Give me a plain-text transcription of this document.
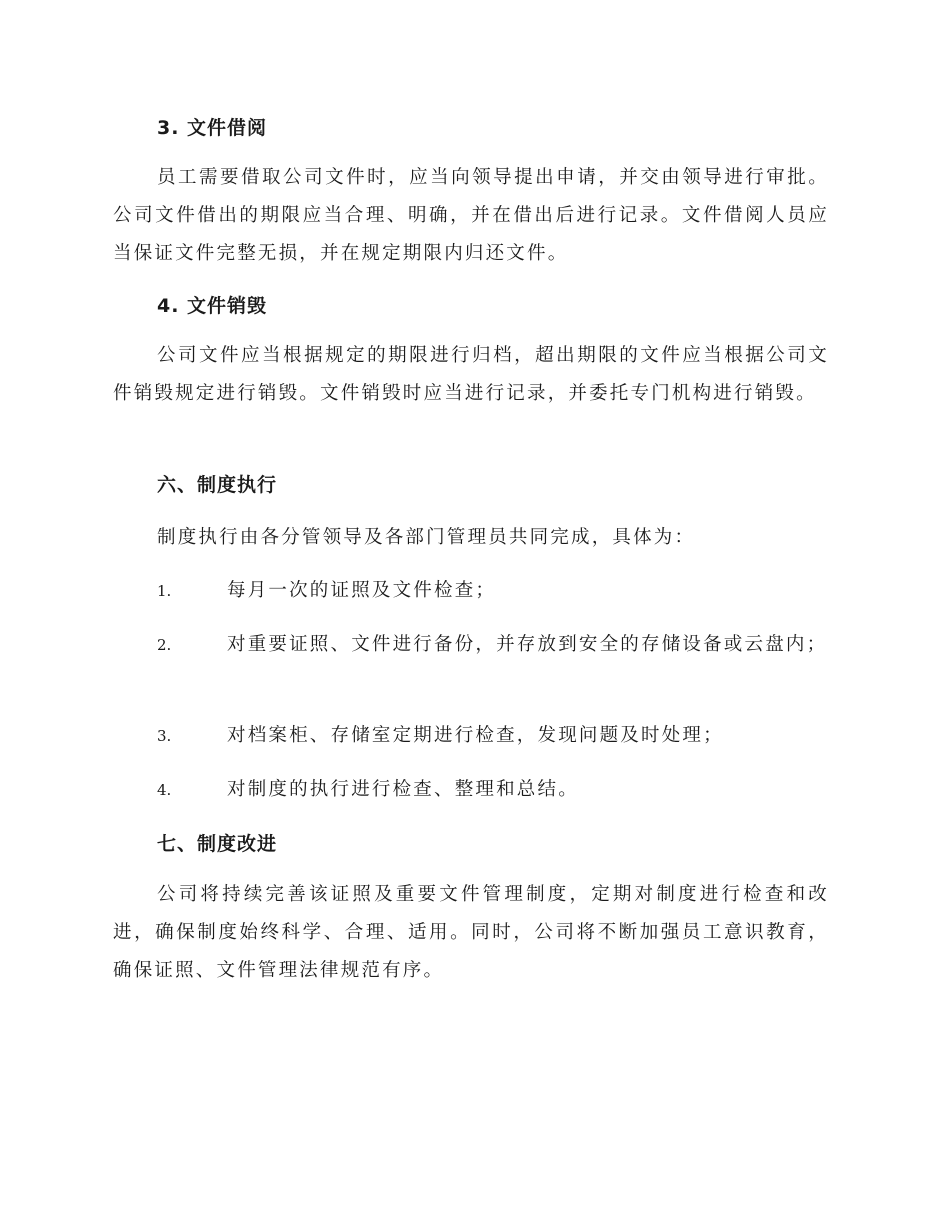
3. 文件借阅
员工需要借取公司文件时，应当向领导提出申请，并交由领导进行审批。公司文件借出的期限应当合理、明确，并在借出后进行记录。文件借阅人员应当保证文件完整无损，并在规定期限内归还文件。
4. 文件销毁
公司文件应当根据规定的期限进行归档，超出期限的文件应当根据公司文件销毁规定进行销毁。文件销毁时应当进行记录，并委托专门机构进行销毁。
六、制度执行
制度执行由各分管领导及各部门管理员共同完成，具体为：
1.	每月一次的证照及文件检查；
2.	对重要证照、文件进行备份，并存放到安全的存储设备或云盘内；
3.	对档案柜、存储室定期进行检查，发现问题及时处理；
4.	对制度的执行进行检查、整理和总结。
七、制度改进
公司将持续完善该证照及重要文件管理制度，定期对制度进行检查和改进，确保制度始终科学、合理、适用。同时，公司将不断加强员工意识教育，确保证照、文件管理法律规范有序。
